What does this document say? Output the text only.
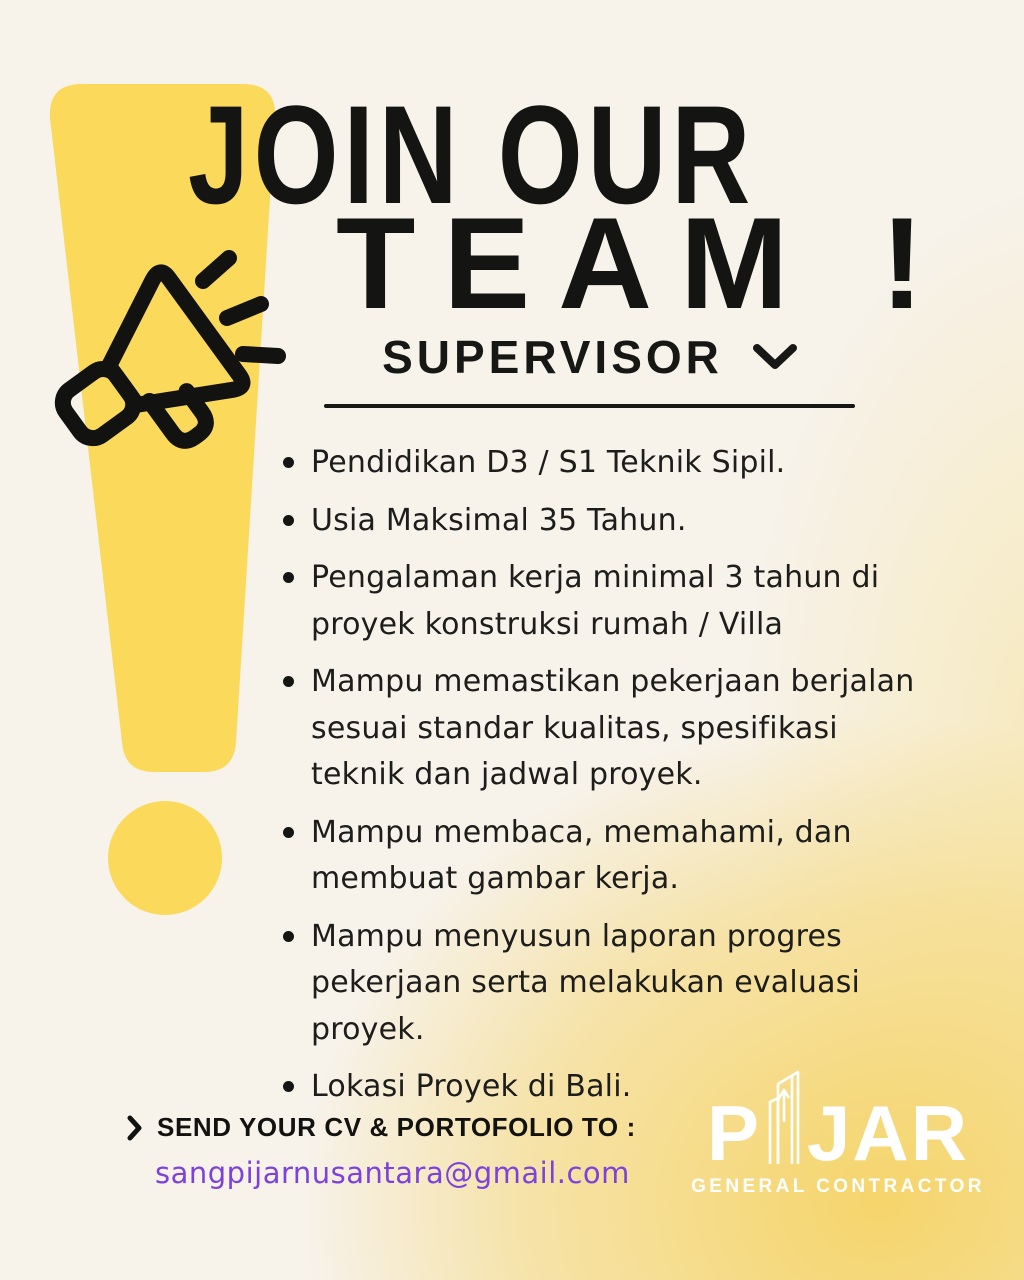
JOIN OUR
TEAM !
SUPERVISOR
Pendidikan D3 / S1 Teknik Sipil.
Usia Maksimal 35 Tahun.
Pengalaman kerja minimal 3 tahun di proyek konstruksi rumah / Villa
Mampu memastikan pekerjaan berjalan sesuai standar kualitas, spesifikasi teknik dan jadwal proyek.
Mampu membaca, memahami, dan membuat gambar kerja.
Mampu menyusun laporan progres pekerjaan serta melakukan evaluasi proyek.
Lokasi Proyek di Bali.
SEND YOUR CV & PORTOFOLIO TO :
sangpijarnusantara@gmail.com P JAR
GENERAL CONTRACTOR
